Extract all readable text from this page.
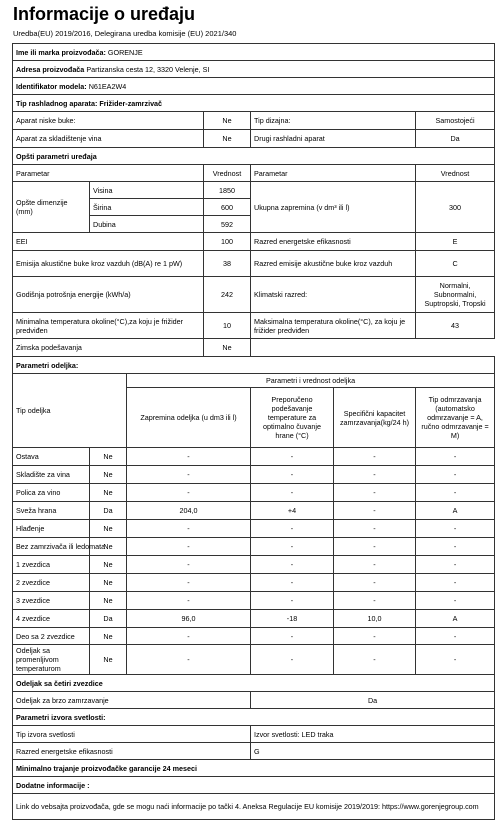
Informacije o uređaju
Uredba(EU) 2019/2016, Delegirana uredba komisije (EU) 2021/340
Ime ili marka proizvođača: GORENJE						
Adresa proizvođača Partizanska cesta 12, 3320 Velenje, SI						
Identifikator modela: N61EA2W4						
Tip rashladnog aparata: Frižider-zamrzivač						
Aparat niske buke:			Ne	Tip dizajna:		Samostojeći
Aparat za skladištenje vina			Ne	Drugi rashladni aparat		Da
Opšti parametri uređaja						
Parametar			Vrednost	Parametar		Vrednost
Opšte dimenzije (mm)	Visina		1850	Ukupna zapremina (v dm³ ili l)		300
	Širina		600			
	Dubina		592			
EEI			100	Razred energetske efikasnosti		E
Emisija akustične buke kroz vazduh (dB(A) re 1 pW)			38	Razred emisije akustične buke kroz vazduh		C
Godišnja potrošnja energije (kWh/a)			242	Klimatski razred:		Normalni, Subnormalni, Suptropski, Tropski
Minimalna temperatura okoline(°C),za koju je frižider predviđen			10	Maksimalna temperatura okoline(°C), za koju je frižider predviđen		43
Zimska podešavanja			Ne			
Parametri odeljka:						
Tip odeljka		Parametri i vrednost odeljka				
		Zapremina odeljka (u dm3 ili l)		Preporučeno podešavanje temperature za optimalno čuvanje hrane (°C)	Specifični kapacitet zamrzavanja(kg/24 h)	Tip odmrzavanja (automatsko odmrzavanje = A, ručno odmrzavanje = M)
Ostava	Ne	-		-	-	-
Skladište za vina	Ne	-		-	-	-
Polica za vino	Ne	-		-	-	-
Sveža hrana	Da	204,0		+4	-	A
Hlađenje	Ne	-		-	-	-
Bez zamrzivača ili ledomata	Ne	-		-	-	-
1 zvezdica	Ne	-		-	-	-
2 zvezdice	Ne	-		-	-	-
3 zvezdice	Ne	-		-	-	-
4 zvezdice	Da	96,0		-18	10,0	A
Deo sa 2 zvezdice	Ne	-		-	-	-
Odeljak sa promenljivom temperaturom	Ne	-		-	-	-
Odeljak sa četiri zvezdice						
Odeljak za brzo zamrzavanje				Da		
Parametri izvora svetlosti:						
Tip izvora svetlosti				Izvor svetlosti: LED traka		
Razred energetske efikasnosti				G		
Minimalno trajanje proizvođačke garancije 24 meseci						
Dodatne informacije :						
Link do vebsajta proizvođača, gde se mogu naći informacije po tački 4. Aneksa Regulacije EU komisije 2019/2019: https://www.gorenjegroup.com						
